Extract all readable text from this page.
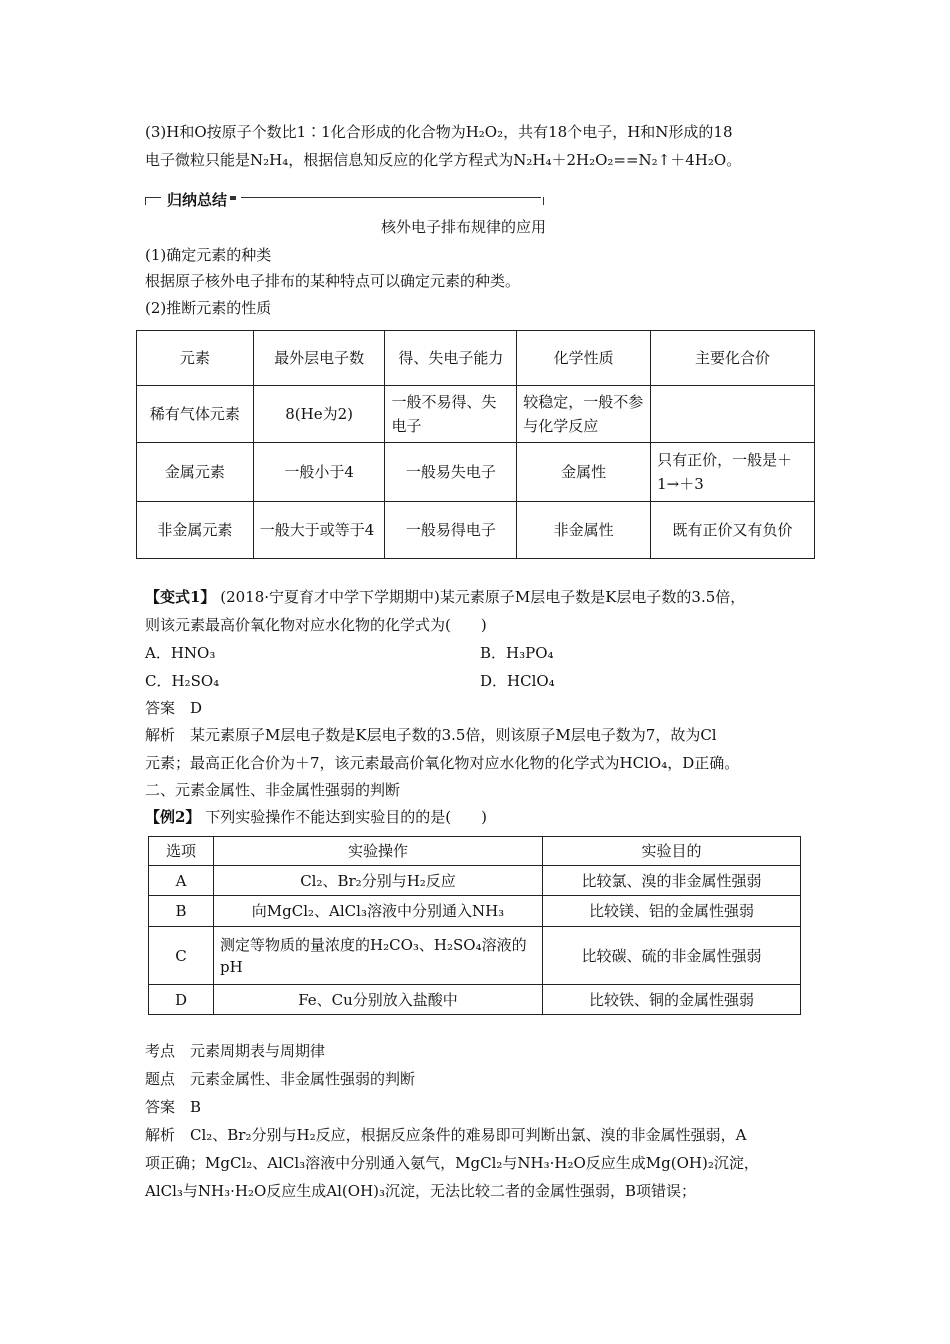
(3)H和O按原子个数比1∶1化合形成的化合物为H₂O₂，共有18个电子，H和N形成的18
电子微粒只能是N₂H₄，根据信息知反应的化学方程式为N₂H₄＋2H₂O₂==N₂↑＋4H₂O。
归纳总结
核外电子排布规律的应用
(1)确定元素的种类
根据原子核外电子排布的某种特点可以确定元素的种类。
(2)推断元素的性质
元素	最外层电子数	得、失电子能力	化学性质	主要化合价
稀有气体元素	8(He为2)	一般不易得、失电子	较稳定，一般不参与化学反应	
金属元素	一般小于4	一般易失电子	金属性	只有正价，一般是＋1→＋3
非金属元素	一般大于或等于4	一般易得电子	非金属性	既有正价又有负价
【变式1】 (2018·宁夏育才中学下学期期中)某元素原子M层电子数是K层电子数的3.5倍，
则该元素最高价氧化物对应水化物的化学式为(　　)
A．HNO₃	B．H₃PO₄
C．H₂SO₄	D．HClO₄
答案　D
解析　某元素原子M层电子数是K层电子数的3.5倍，则该原子M层电子数为7，故为Cl
元素；最高正化合价为＋7，该元素最高价氧化物对应水化物的化学式为HClO₄，D正确。
二、元素金属性、非金属性强弱的判断
【例2】 下列实验操作不能达到实验目的的是(　　)
选项	实验操作	实验目的
A	Cl₂、Br₂分别与H₂反应	比较氯、溴的非金属性强弱
B	向MgCl₂、AlCl₃溶液中分别通入NH₃	比较镁、铝的金属性强弱
C	测定等物质的量浓度的H₂CO₃、H₂SO₄溶液的pH	比较碳、硫的非金属性强弱
D	Fe、Cu分别放入盐酸中	比较铁、铜的金属性强弱
考点　元素周期表与周期律
题点　元素金属性、非金属性强弱的判断
答案　B
解析　Cl₂、Br₂分别与H₂反应，根据反应条件的难易即可判断出氯、溴的非金属性强弱，A
项正确；MgCl₂、AlCl₃溶液中分别通入氨气，MgCl₂与NH₃·H₂O反应生成Mg(OH)₂沉淀，
AlCl₃与NH₃·H₂O反应生成Al(OH)₃沉淀，无法比较二者的金属性强弱，B项错误；
